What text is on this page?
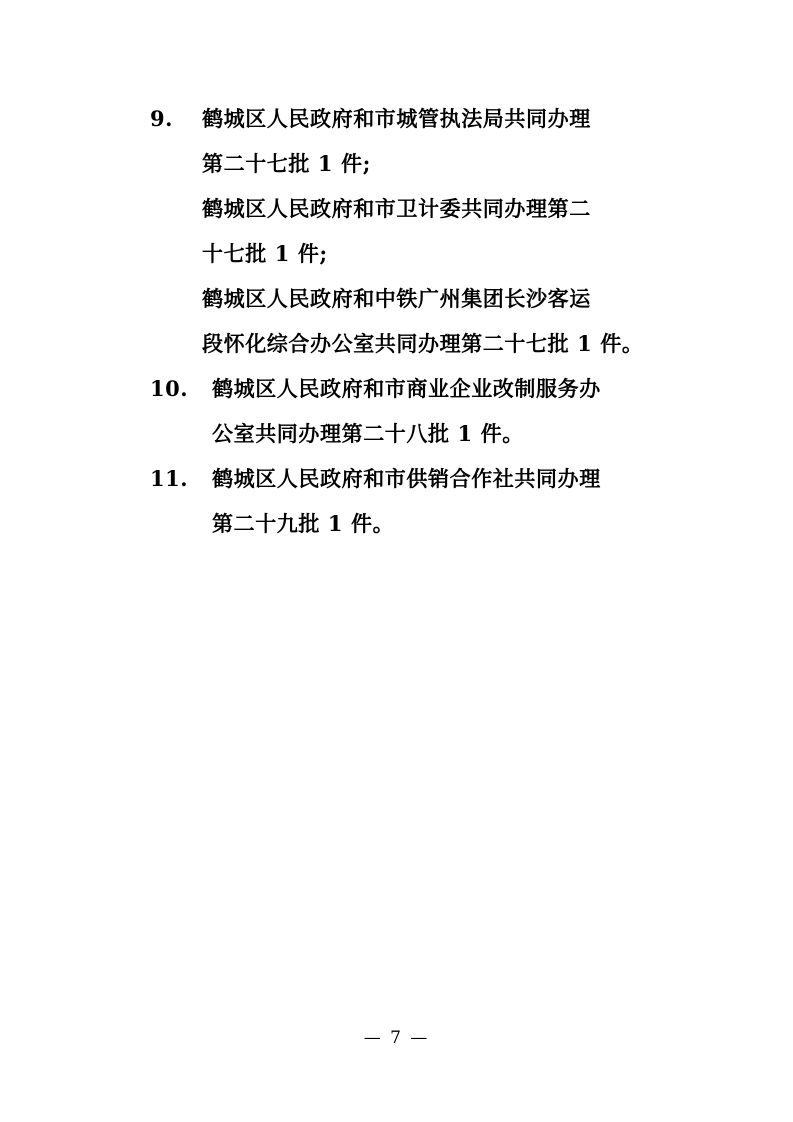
9.	鹤城区人民政府和市城管执法局共同办理
第二十七批 1 件;
鹤城区人民政府和市卫计委共同办理第二
十七批 1 件;
鹤城区人民政府和中铁广州集团长沙客运
段怀化综合办公室共同办理第二十七批 1 件。
10.	鹤城区人民政府和市商业企业改制服务办
公室共同办理第二十八批 1 件。
11.	鹤城区人民政府和市供销合作社共同办理
第二十九批 1 件。
— 7 —
